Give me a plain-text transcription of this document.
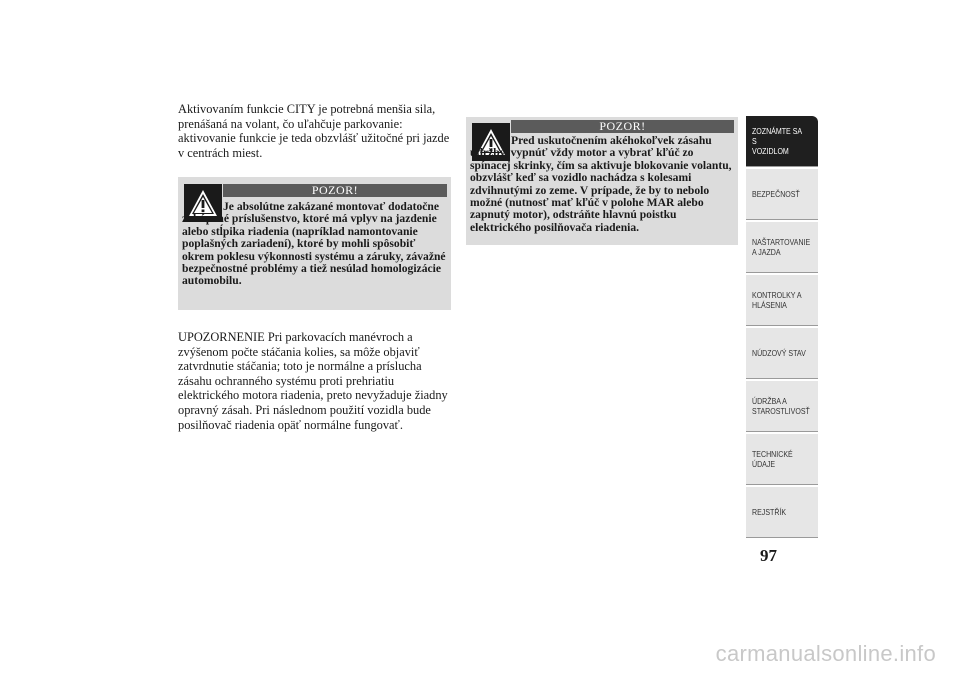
Aktivovaním funkcie CITY je potrebná menšia sila, prenášaná na volant, čo uľahčuje parkovanie: aktivovanie funkcie je teda obzvlášť užitočné pri jazde v centrách miest.

POZOR!

Je absolútne zakázané montovať dodatočne zakúpené príslušenstvo, ktoré má vplyv na jazdenie alebo stĺpika riadenia (napríklad namontovanie poplašných zariadení), ktoré by mohli spôsobiť okrem poklesu výkonnosti systému a záruky, závažné bezpečnostné problémy a tiež nesúlad homologizácie automobilu.

UPOZORNENIE Pri parkovacích manévroch a zvýšenom počte stáčania kolies, sa môže objaviť zatvrdnutie stáčania; toto je normálne a príslucha zásahu ochranného systému proti prehriatiu elektrického motora riadenia, preto nevyžaduje žiadny opravný zásah. Pri následnom použití vozidla bude posilňovač riadenia opäť normálne fungovať.

POZOR!

Pred uskutočnením akéhokoľvek zásahu údržby, vypnúť vždy motor a vybrať kľúč zo spínacej skrinky, čím sa aktivuje blokovanie volantu, obzvlášť keď sa vozidlo nachádza s kolesami zdvihnutými zo zeme. V prípade, že by to nebolo možné (nutnosť mať kľúč v polohe MAR alebo zapnutý motor), odstráňte hlavnú poistku elektrického posilňovača riadenia.

ZOZNÁMTE SA S
VOZIDLOM
BEZPEČNOSŤ
NAŠTARTOVANIE
A JAZDA
KONTROLKY A
HLÁSENIA
NÚDZOVÝ STAV
ÚDRŽBA A
STAROSTLIVOSŤ
TECHNICKÉ
ÚDAJE
REJSTŘÍK
97
carmanualsonline.info
